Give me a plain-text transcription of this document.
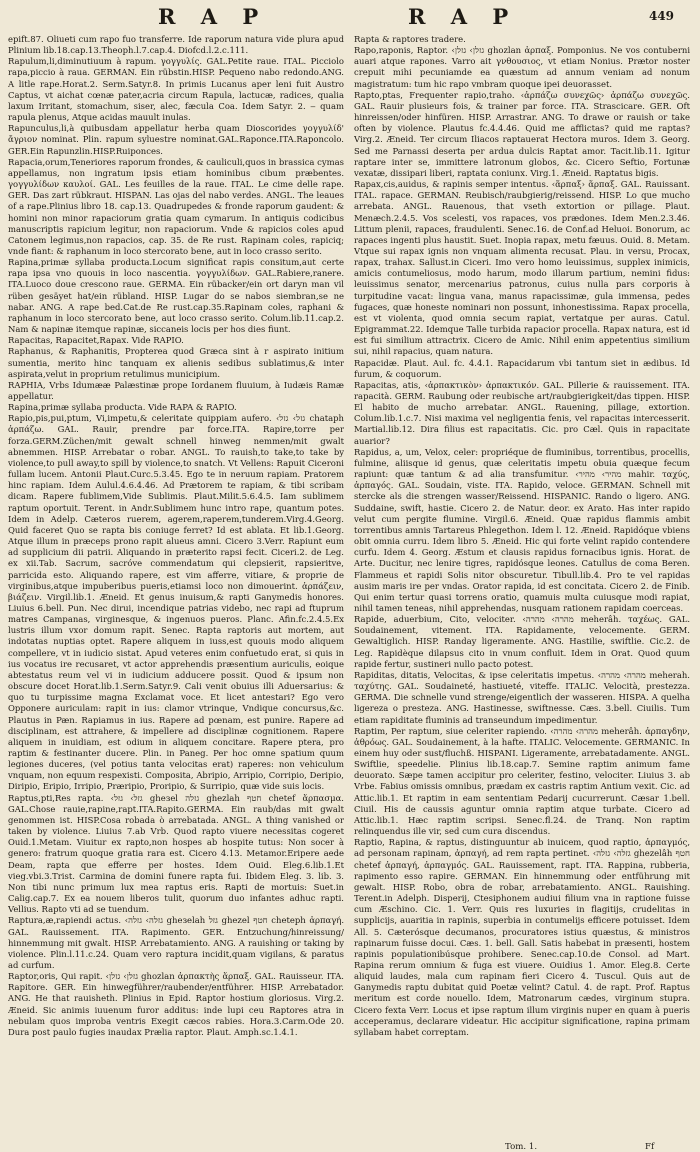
R A P	R A P	449

epift.87. Oliueti cum rapo fuo transferre. Ide raporum natura vide plura apud Plinium lib.18.cap.13.Theoph.l.7.cap.4. Diofcd.l.2.c.111.

Rapulum,li,diminutiuum à rapum. γογγυλίς. GAL.Petite raue. ITAL. Picciolo rapa,piccio à raua. GERMAN. Ein rübstin.HISP. Pequeno nabo redondo.ANG. A litle rape.Horat.2. Serm.Satyr.8. In primis Lucanus aper leni fuit Austro Captus, vt aichat cœnæ pater,acria circum Rapula, lactucæ, radices, qualia laxum Irritant, stomachum, siser, alec, fæcula Coa. Idem Satyr. 2. ‒ quam rapula plenus, Atque acidas mauult inulas.

Rapunculus,li,à quibusdam appellatur herba quam Dioscorides γογγυλίδ' ἄγριον nominat. Plin. rapum syluestre nominat.GAL.Raponce.ITA.Raponcolo. GER.Ein Rapunzlin.HISP.Ruiponces.

Rapacia,orum,Teneriores raporum frondes, & cauliculi,quos in brassica cymas appellamus, non ingratum ipsis etiam hominibus cibum præbentes. γογγυλίδων καυλοί. GAL. Les feuilles de la raue. ITAL. Le cime delle rape. GER. Das zart rübkraut. HISPAN. Las ojas del nabo verdes. ANGL. The leaues of a rape.Plinius libro 18. cap.13. Quadrupedes & fronde raporum gaudent: & homini non minor rapaciorum gratia quam cymarum. In antiquis codicibus manuscriptis rapicium legitur, non rapaciorum. Vnde & rapicios coles apud Catonem legimus,non rapacios, cap. 35. de Re rust. Rapinam coles, rapiciq; vnde fiant: & raphanum in loco stercorato bene, aut in loco crasso serito.

Rapina,primæ syllaba producta.Locum significat rapis consitum,aut certe rapa ipsa vno quouis in loco nascentia. γογγυλίδων. GAL.Rabiere,ranere. ITA.Luoco doue crescono raue. GERMA. Ein rübacker/ein ort daryn man vil rüben gesäyet hat/ein rübland. HISP. Lugar do se nabos siembran,se ne nabar. ANG. A rape bed.Cat.de Re rust.cap.35.Rapinam coles, raphani & raphanum in loco stercorato bene, aut loco crasso serito. Colum.lib.11.cap.2. Nam & napinæ itemque rapinæ, siccaneis locis per hos dies fiunt.

Rapacitas, Rapacitet,Rapax. Vide RAPIO.

Raphanus, & Raphanitis, Propterea quod Græca sint à r aspirato initium sumentia, merito hinc tanquam ex alienis sedibus sublatimus,& inter aspirata,velut in proprium retulimus municipium.

RAPHIA, Vrbs Idumææ Palæstinæ prope Iordanem fluuium, à Iudæis Ramæ appellatur.

Rapina,primæ syllaba producta. Vide RAPA & RAPIO.

Rapio,pis,pui,ptum, Vi,impetu,& celeritate quippiam aufero. ‹גזל› גזל chataph ἁρπάζω. GAL. Rauir, prendre par force.ITA. Rapire,torre per forza.GERM.Züchen/mit gewalt schnell hinweg nemmen/mit gwalt abnemmen. HISP. Arrebatar o robar. ANGL. To rauish,to take,to take by violence,to pull away,to spill by violence,to snatch. Vt Vellens: Rapuit Ciceroni fullam lucem. Antonii Plaut.Curc.5.3.45. Ego te in neruum rapiam. Pratorem hinc rapiam. Idem Aulul.4.6.4.46. Ad Prætorem te rapiam, & tibi scribam dicam. Rapere fublimem,Vide Sublimis. Plaut.Milit.5.6.4.5. Iam sublimem raptum oportuit. Terent. in Andr.Sublimem hunc intro rape, quantum potes. Idem in Adelp. Cæteros ruerem, agerem,raperem,tunderem.Virg.4.Georg. Quid faceret Quo se rapta bis coniuge ferret? Id est ablata. Et lib.1.Georg. Atque illum in præceps prono rapit alueus amni. Cicero 3.Verr. Rapiunt eum ad supplicium dii patrii. Aliquando in præterito rapsi fecit. Ciceri.2. de Leg. ex xii.Tab. Sacrum, sacróve commendatum qui clepsierit, rapsieritve, parricida esto. Aliquando rapere, est vim afferre, vitiare, & proprie de virginibus,atque impuberibus pueris,etiamsi loco non dimouerint. ἁρπάζειν, βιάζειν. Virgil.lib.1. Æneid. Et genus inuisum,& rapti Ganymedis honores. Liuius 6.bell. Pun. Nec dirui, incendique patrias videbo, nec rapi ad ftuprum matres Campanas, virginesque, & ingenuos pueros. Planc. Afin.fc.2.4.5.Ex lustris illum vxor domum rapit. Senec. Rapta raptoris aut mortem, aut indotatas nuptias optet. Rapere aliquem in iuss,est quouis modo aliquem compellere, vt in iudicio sistat. Apud veteres enim confuetudo erat, si quis in ius vocatus ire recusaret, vt actor apprehendis præsentium auriculis, eoique abtestatus reum vel vi in iudicium adducere possit. Quod & ipsum non obscure docet Horat.lib.1.Serm.Satyr.9. Cali venit obuius illi Aduersarius: & quo tu turpissime magna Exclamat voce. Et licet antestari? Ego vero Opponere auriculam: rapit in ius: clamor vtrinque, Vndique concursus,&c. Plautus in Pæn. Rapiamus in ius. Rapere ad pœnam, est punire. Rapere ad disciplinam, est attrahere, & impellere ad disciplinæ cognitionem. Rapere aliquem in inuidiam, est odium in aliquem concitare. Rapere ptera, pro raptim & festinanter ducere. Plin. in Paneg. Per hoc omne spatium quum legiones duceres, (vel potius tanta velocitas erat) raperes: non vehiculum vnquam, non equum respexisti. Composita, Abripio, Arripio, Corripio, Deripio, Diripio, Eripio, Irripio, Præripio, Proripio, & Surripio, quæ vide suis locis.

Raptus,pti,Res rapta. ‹גזל› גזל gheзel גזלה ghezlah חטף chetef ἅρπασμα. GAL.Chose rauie,rapine,rapt.ITA.Rapito.GERMA. Ein raub/das mit gwalt genommen ist. HISP.Cosa robada ò arrebatada. ANGL. A thing vanished or taken by violence. Liuius 7.ab Vrb. Quod rapto viuere necessitas cogeret Ouid.1.Metam. Viuitur ex rapto,non hospes ab hospite tutus: Non socer à genero: fratrum quoque gratia rara est. Cicero 4.13. Metamor.Eripere aede Deam, rapta que efferre per hostes. Idem Ouid. Eleg.6.lib.1.Et vieg.vbi.3.Trist. Carmina de domini funere rapta fui. Ibidem Eleg. 3. lib. 3. Non tibi nunc primum lux mea raptus eris. Rapti de mortuis: Suet.in Calig.cap.7. Ex ea nouem liberos tulit, quorum duo infantes adhuc rapti. Vellius. Rapto vti ad se tuendum.

Raptura,æ,rapiendi actus. ‹גזלה› גזלה gheзelah גזל ghezel חטף cheteph ἁρπαγή. GAL. Rauissement. ITA. Rapimento. GER. Entzuchung/hinreissung/ hinnemmung mit gwalt. HISP. Arrebatamiento. ANG. A rauishing or taking by violence. Plin.l.11.c.24. Quam vero raptura incidit,quam vigilans, & paratus ad curfum.

Raptor,oris, Qui rapit. ‹גזלן› גזלן ghozlan ἁρπακτὴς ἅρπαξ. GAL. Rauisseur. ITA. Rapitore. GER. Ein hinwegführer/raubender/entführer. HISP. Arrebatador. ANG. He that rauisheth. Plinius in Epid. Raptor hostium gloriosus. Virg.2. Æneid. Sic animis iuuenum furor additus: inde lupi ceu Raptores atra in nebulam quos improba ventris Exegit cæcos rabies. Hora.3.Carm.Ode 20. Dura post paulo fugies inaudax Prælia raptor. Plaut. Amph.sc.1.4.1.

Rapta & raptores tradere.

Rapo,raponis, Raptor. ‹גזלן› גזלן ghozlan ἁρπαξ. Pomponius. Ne vos contuberni auari atque rapones. Varro ait γνθουσιος, vt etiam Nonius. Prætor noster crepuit mihi pecuniamde ea quæstum ad annum veniam ad nonum magistratum: tum hic rapo vmbram quoque ipei deuorasset.

Rapto,ptas, Frequenter rapio,traho. ‹ἁρπάζω συνεχῶς› ἁρπάζω συνεχῶς. GAL. Rauir plusieurs fois, & trainer par force. ITA. Strascicare. GER. Oft hinreissen/oder hinfüren. HISP. Arrastrar. ANG. To drawe or rauish or take often by violence. Plautus fc.4.4.46. Quid me afflictas? quid me raptas? Virg.2. Æneid. Ter circum Iliacos raptauerat Hectora muros. Idem 3. Georg. Sed me Parnassi deserta per ardua dulcis Raptat amor. Tacit.lib.11. Igitur raptare inter se, immittere latronum globos, &c. Cicero Seftio, Fortunæ vexatæ, dissipari liberi, raptata coniunx. Virg.1. Æneid. Raptatus bigis.

Rapax,cis,auidus, & rapinis semper intentus. ‹ἅρπαξ› ἅρπαξ. GAL. Rauissant. ITAL. rapace. GERMAN. Reubisch/raubgierig/reissend. HISP. Lo que mucho arrebata. ANGL. Rauenous, that vseth extortion or pillage. Plaut. Menæch.2.4.5. Vos scelesti, vos rapaces, vos prædones. Idem Men.2.3.46. Littum plenii, rapaces, fraudulenti. Senec.16. de Conf.ad Heluoi. Bonorum, ac rapaces ingenti plus haustit. Suet. Inopia rapax, metu fæuus. Ouid. 8. Metam. Vtque sui rapax ignis non vnquam alimenta recusat. Plau. in versu, Procax, rapax, trahax. Sallust.in Ciceri. Imo vero homo leuissimus, supplex inimicis, amicis contumeliosus, modo harum, modo illarum partium, nemini fidus: leuissimus senator, mercenarius patronus, cuius nulla pars corporis à turpitudine vacat: lingua vana, manus rapacissimæ, gula immensa, pedes fugaces, quæ honeste nominari non possunt, inhonestissima. Rapax procella, est vt violenta, quod omnia secum rapiat, vertatque per auras. Catul. Epigrammat.22. Idemque Talle turbida rapacior procella. Rapax natura, est id est fui similium attractrix. Cicero de Amic. Nihil enim appetentius similium sui, nihil rapacius, quam natura.

Rapacidæ. Plaut. Aul. fc. 4.4.1. Rapacidarum vbi tantum siet in ædibus. Id furum, & coquorum.

Rapacitas, atis, ‹ἁρπακτικὸν› ἁρπακτικόν. GAL. Pillerie & rauissement. ITA. rapacità. GERM. Raubung oder reubische art/raubgierigkeit/das tippen. HISP. El habito de mucho arrebatar. ANGL. Rauening, pillage, extortion. Colum.lib.1.c.7. Nisi maxima vel negligentia fenis, vel rapacitas intercesserit. Martial.lib.12. Dira filius est rapacitatis. Cic. pro Cæl. Quis in rapacitate auarior?

Rapidus, a, um, Velox, celer: propriéque de fluminibus, torrentibus, procellis, fulmine, aliisque id genus, quæ celeritatis impetu obuia quæque fecum rapiunt: quæ tantum & ad alia transfumitur. ‹מהיר› מהיר mahir. ταχύς, ἁρπαγός. GAL. Soudain, viste. ITA. Rapido, veloce. GERMAN. Schnell mit stercke als die strengen wasser/Reissend. HISPANIC. Rando o ligero. ANG. Suddaine, swift, hastie. Cicero 2. de Natur. deor. ex Arato. Has inter rapido velut cum pergite flumine. Virgil.6. Æneid. Quæ rapidus flammis ambit torrentibus amnis Tartareus Phlegethon. Idem l. 12. Æneid. Rapidóque vbiens obit omnia curru. Idem libro 5. Æneid. Hic qui forte velint rapido contendere curfu. Idem 4. Georg. Æstum et clausis rapidus fornacibus ignis. Horat. de Arte. Ducitur, nec lenire tigres, rapidósque leones. Catullus de coma Beren. Flammeus et rapidi Solis nitor obscuretur. Tibull.lib.4. Pro te vel rapidas ausim maris ire per vndas. Orator rapida, id est concitata. Cicero 2. de Finib. Qui enim tertur quasi torrens oratio, quamuis multa cuiusque modi rapiat, nihil tamen teneas, nihil apprehendas, nusquam rationem rapidam coerceas.

Rapide, aduerbium, Cito, velociter. ‹מהרה› מהרה meherâh. ταχέως. GAL. Soudainement, vitement. ITA. Rapidamente, velocemente. GERM. Gewaltiglich. HISP. Randay ligeramente. ANG. Hastilie, swiftlie. Cic.2. de Leg. Rapidèque dilapsus cito in vnum confluit. Idem in Orat. Quod quum rapide fertur, sustineri nullo pacto potest.

Rapiditas, ditatis, Velocitas, & ipse celeritatis impetus. ‹מהרה› מהרה meherah. ταχύτης. GAL. Soudaineté, hastiueté, viteffe. ITALIC. Velocità, prestezza. GERMA. Die schnelle vund strenge/eigentlich der wasseren. HISPA. A quelha ligereza o presteza. ANG. Hastinesse, swiftnesse. Cæs. 3.bell. Ciuilis. Tum etiam rapiditate fluminis ad transeundum impedimentur.

Raptim, Per raptum, siue celeriter rapiendo. ‹מהרה› מהרה meherâh. ἁρπαγδην, ἀθρόως. GAL. Soudainement, à la hafte. ITALIC. Velocemente. GERMANIC. In einem huy oder sust/fluchß. HISPANI. Ligeramente, arrebatadamente. ANGL. Swiftlie, speedelie. Plinius lib.18.cap.7. Semine raptim animum fame deuorato. Sæpe tamen accipitur pro celeriter, festino, velociter. Liuius 3. ab Vrbe. Fabius omissis omnibus, prædam ex castris raptim Antium vexit. Cic. ad Attic.lib.1. Et raptim in eam sententiam Pedarij cucurrerunt. Cæsar 1.bell. Ciuil. His de caussis aguntur omnia raptim atque turbate. Cicero ad Attic.lib.1. Hæc raptim scripsi. Senec.fl.24. de Tranq. Non raptim relinquendus ille vir, sed cum cura discendus.

Raptio, Rapina, & raptus, distinguuntur ab inuicem, quod raptio, ἁρπαγμός, ad personam rapinam, ἁρπαγή, ad rem rapta pertinet. ‹גזלה› גזלה ghezelâh חטף chetef ἁρπαγή, ἁρπαγμός. GAL. Rauissement, rapt. ITA. Rappina, rubberia, rapimento esso rapire. GERMAN. Ein hinnemmung oder entführung mit gewalt. HISP. Robo, obra de robar, arrebatamiento. ANGL. Rauishing. Terent.in Adelph. Disperij, Ctesiphonem audiui filium vna in raptione fuisse cum Æschino. Cic. 1. Verr. Quis res luxuries in flagitijs, crudelitas in supplicijs, auaritia in rapinis, superbia in contumelijs efficere potuisset. Idem All. 5. Cæterósque decumanos, procuratores istius quæstus, & ministros rapinarum fuisse docui. Cæs. 1. bell. Gall. Satis habebat in præsenti, hostem rapinis populationibúsque prohibere. Senec.cap.10.de Consol. ad Mart. Rapina rerum omnium & fuga est viuere. Ouidius 1. Amor. Eleg.8. Certe aliquid laudes, mala cum rapinam fieri Cicero 4. Tuscul. Quis aut de Ganymedis raptu dubitat quid Poetæ velint? Catul. 4. de rapt. Prof. Raptus meritum est corde nouello. Idem, Matronarum cædes, virginum stupra. Cicero fexta Verr. Locus et ipse raptum illum virginis nuper en quam à pueris acceperamus, declarare videatur. Hic accipitur significatione, rapina primam syllabam habet correptam.

Tom. 1.	Ff
